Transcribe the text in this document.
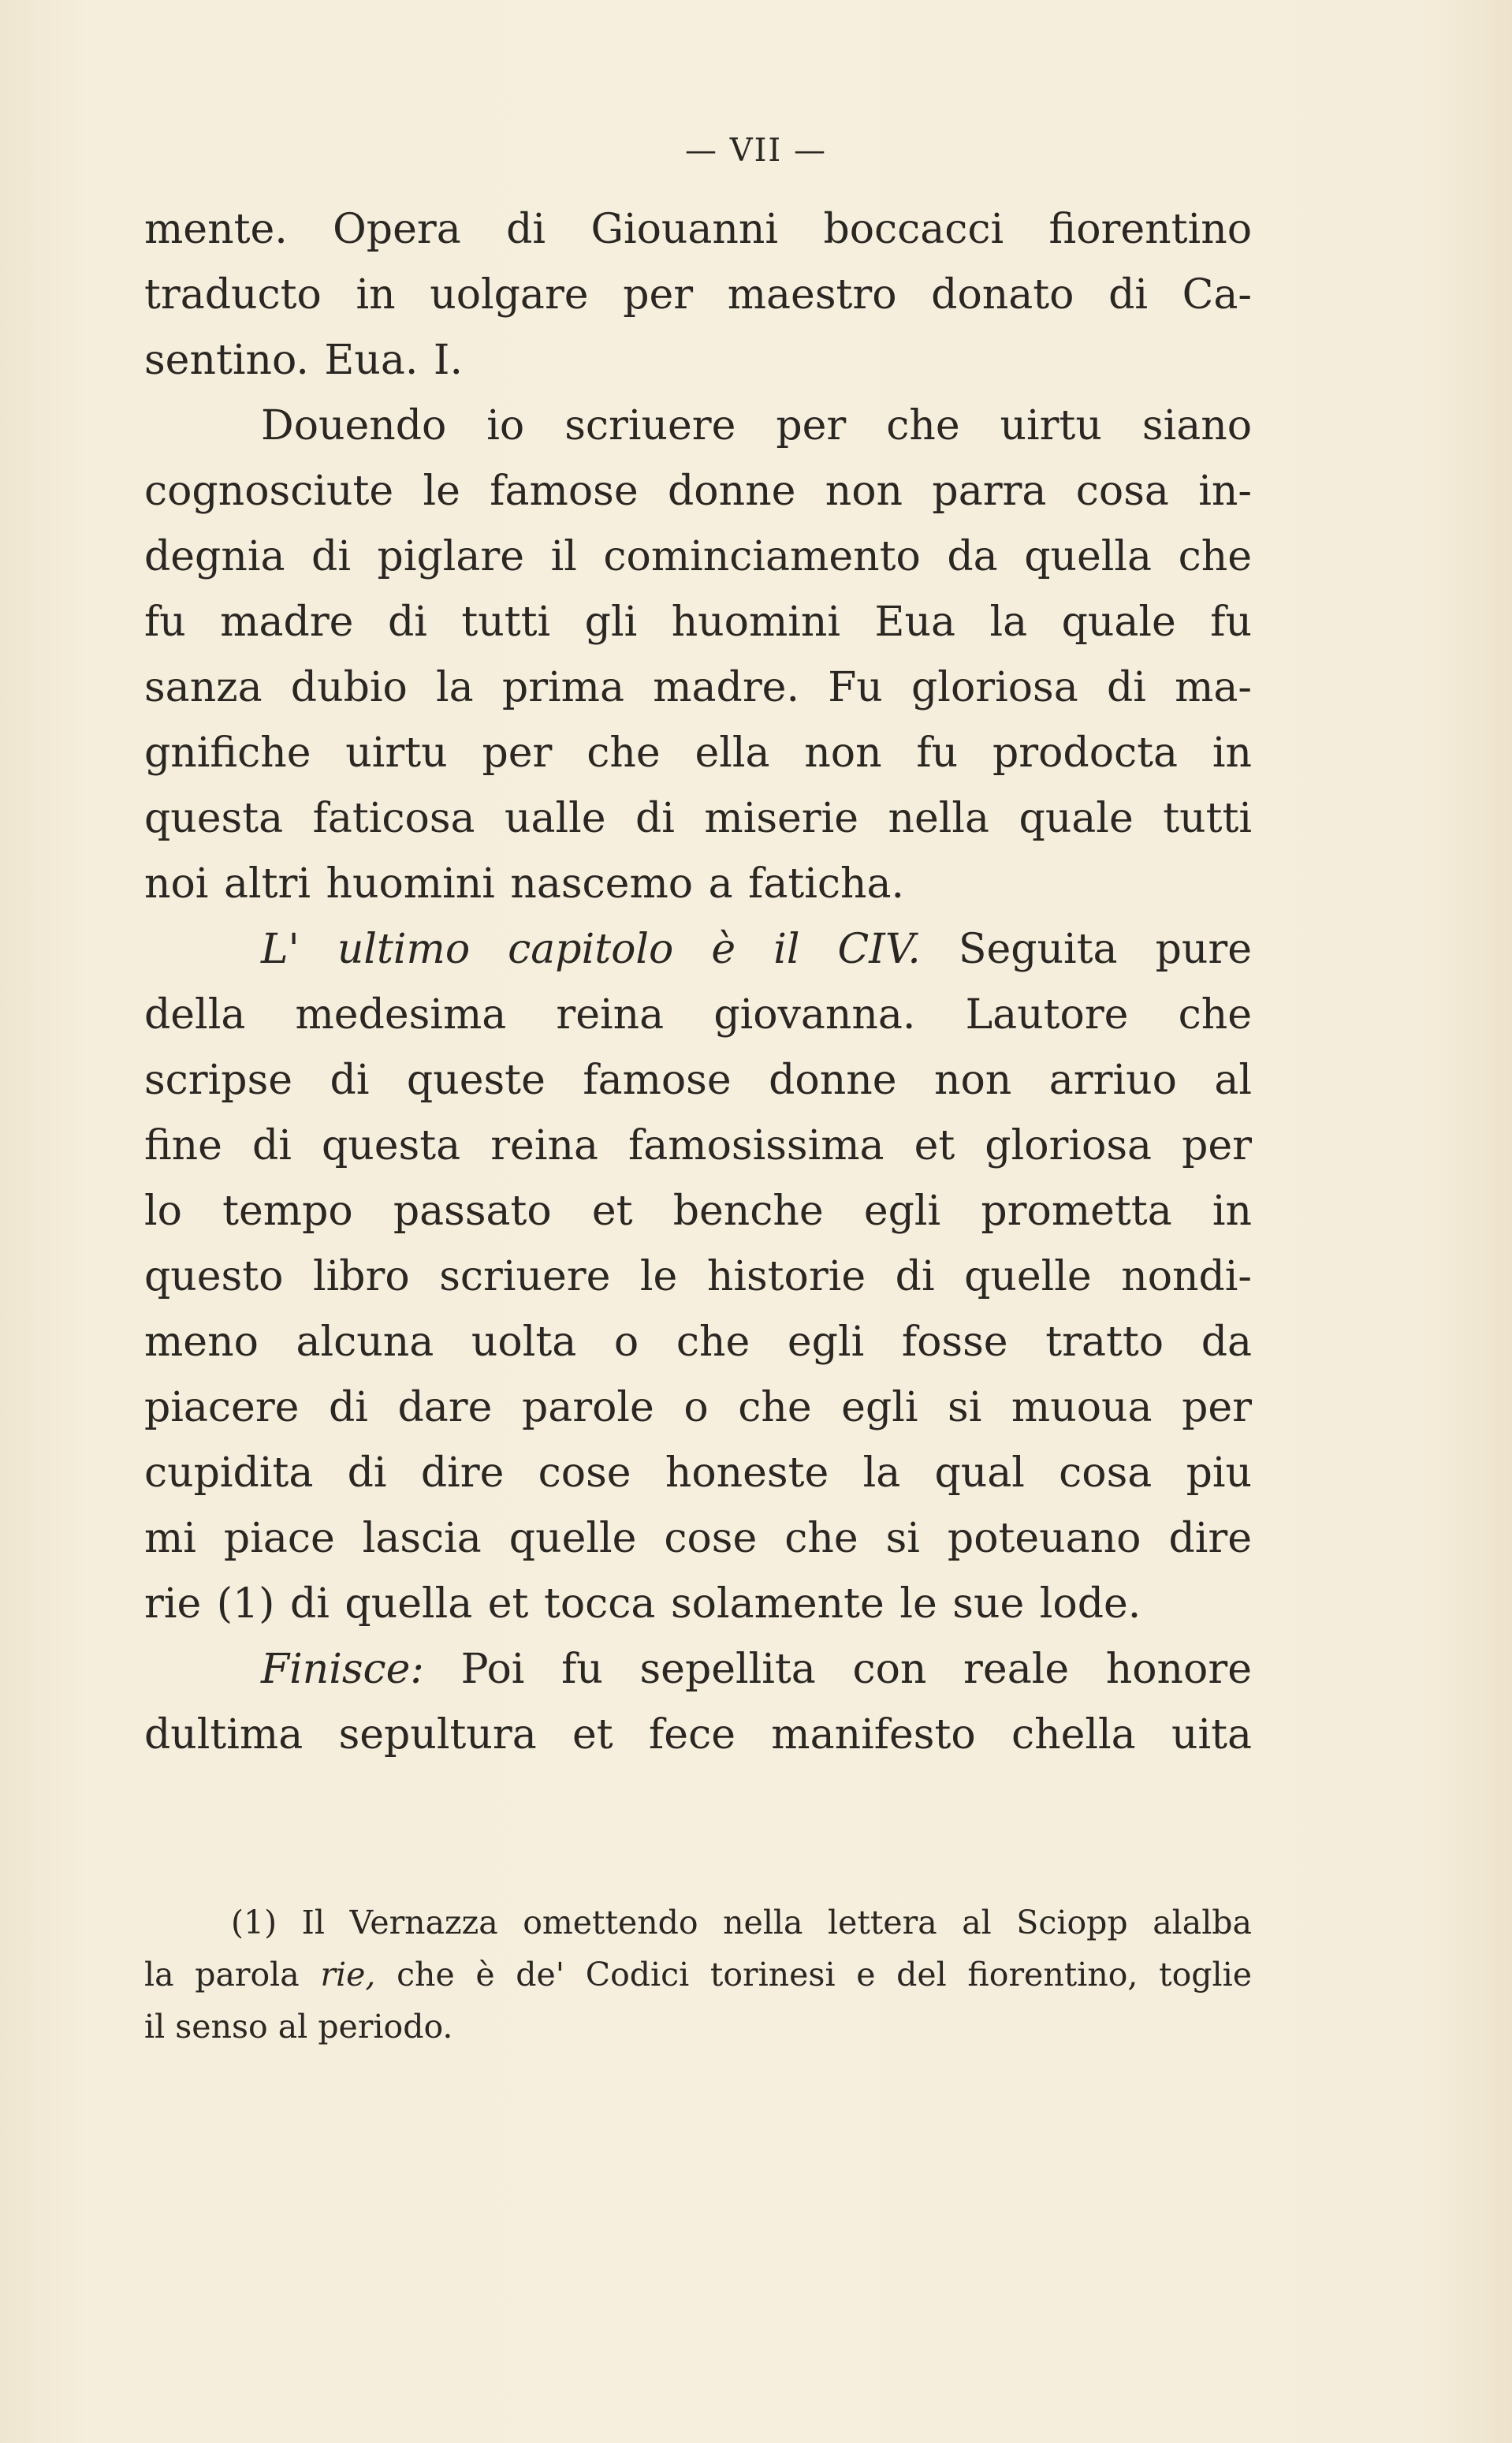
— VII —
mente. Opera di Giouanni boccacci fiorentino
traducto in uolgare per maestro donato di Ca-
sentino. Eua. I.
Douendo io scriuere per che uirtu siano
cognosciute le famose donne non parra cosa in-
degnia di piglare il cominciamento da quella che
fu madre di tutti gli huomini Eua la quale fu
sanza dubio la prima madre. Fu gloriosa di ma-
gnifiche uirtu per che ella non fu prodocta in
questa faticosa ualle di miserie nella quale tutti
noi altri huomini nascemo a faticha.
L' ultimo capitolo è il CIV. Seguita pure
della medesima reina giovanna. Lautore che
scripse di queste famose donne non arriuo al
fine di questa reina famosissima et gloriosa per
lo tempo passato et benche egli prometta in
questo libro scriuere le historie di quelle nondi-
meno alcuna uolta o che egli fosse tratto da
piacere di dare parole o che egli si muoua per
cupidita di dire cose honeste la qual cosa piu
mi piace lascia quelle cose che si poteuano dire
rie (1) di quella et tocca solamente le sue lode.
Finisce: Poi fu sepellita con reale honore
dultima sepultura et fece manifesto chella uita
(1) Il Vernazza omettendo nella lettera al Sciopp alalba
la parola rie, che è de' Codici torinesi e del fiorentino, toglie
il senso al periodo.
